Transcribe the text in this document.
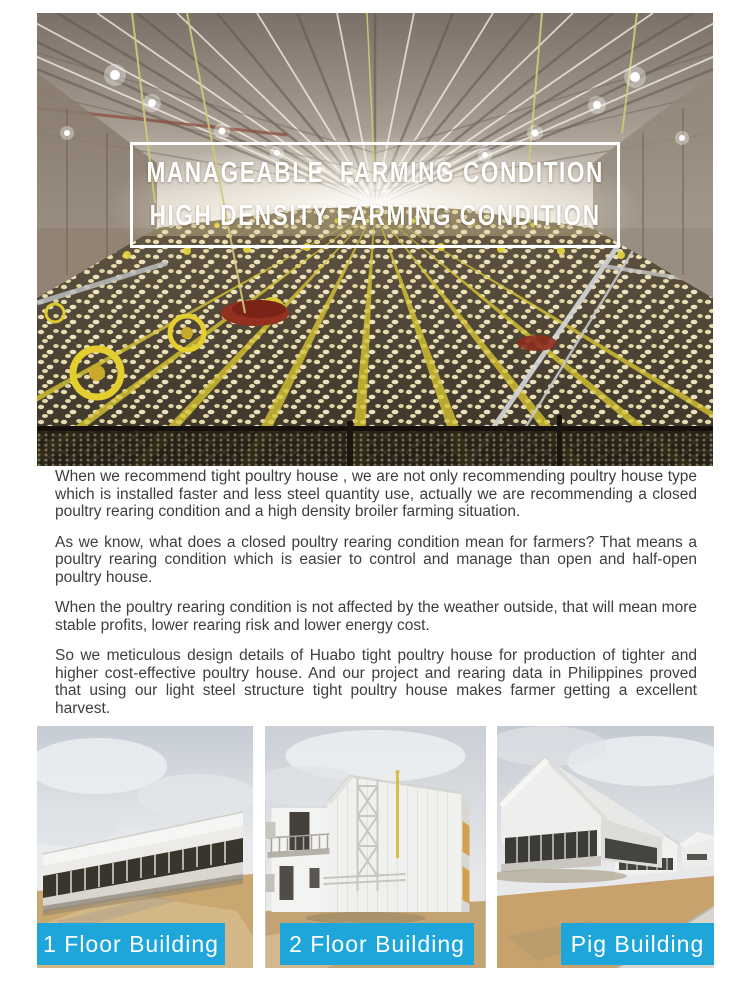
MANAGEABLE  FARMING CONDITION
HIGH DENSITY FARMING CONDITION

When we recommend tight poultry house , we are not only recommending poultry house type which is installed faster and less steel quantity use, actually we are recommending a closed poultry rearing condition and a high density broiler farming situation.

As we know, what does a closed poultry rearing condition mean for farmers? That means a poultry rearing condition which is easier to control and manage than open and half-open poultry house.

When the poultry rearing condition is not affected by the weather outside, that will mean more stable profits, lower rearing risk and lower energy cost.

So we meticulous design details of Huabo tight poultry house for production of tighter and higher cost-effective poultry house. And our project and rearing data in Philippines proved that using our light steel structure tight poultry house makes farmer getting a excellent harvest.

1 Floor Building	2 Floor Building	Pig Building
